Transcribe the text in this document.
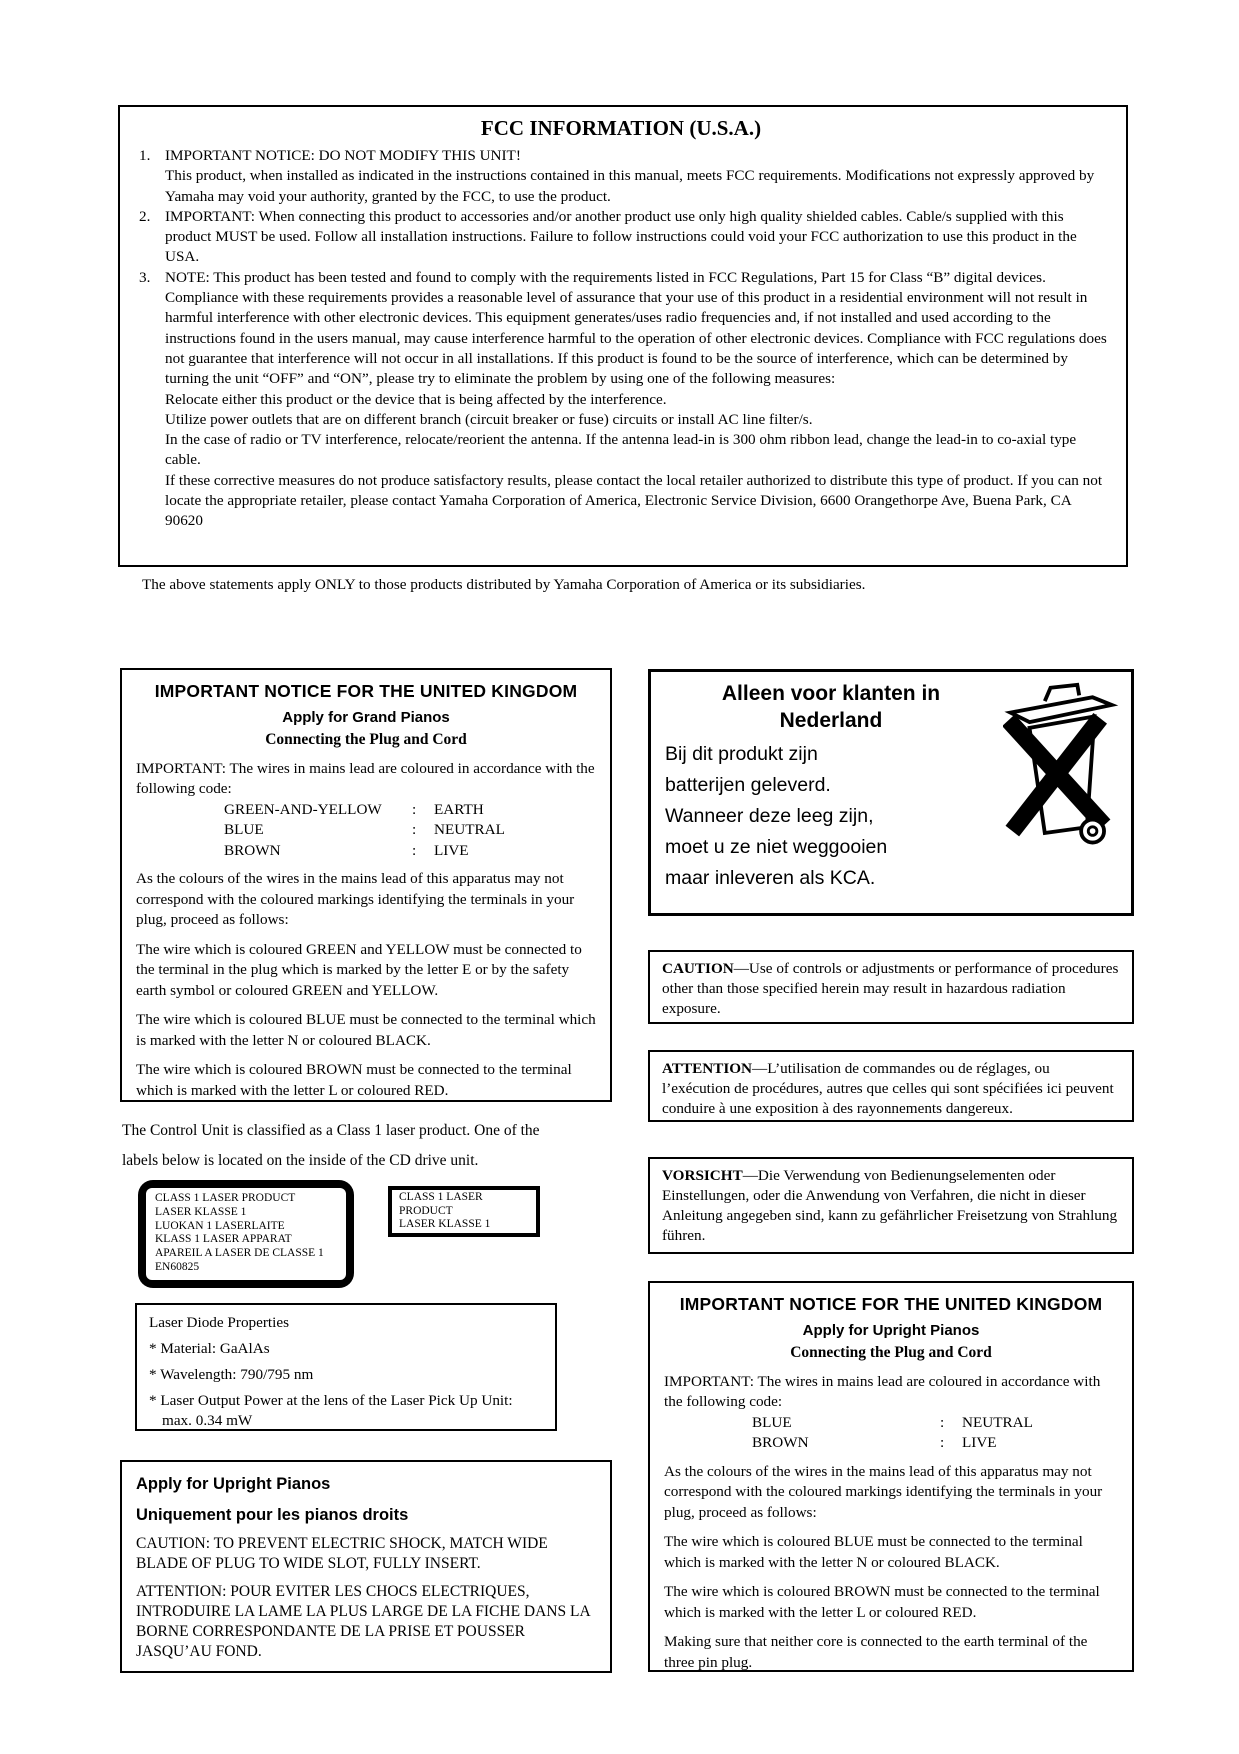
FCC INFORMATION (U.S.A.)
1. IMPORTANT NOTICE: DO NOT MODIFY THIS UNIT!
This product, when installed as indicated in the instructions contained in this manual, meets FCC requirements. Modifications not expressly approved by Yamaha may void your authority, granted by the FCC, to use the product.
2. IMPORTANT: When connecting this product to accessories and/or another product use only high quality shielded cables. Cable/s supplied with this product MUST be used. Follow all installation instructions. Failure to follow instructions could void your FCC authorization to use this product in the USA.
3. NOTE: This product has been tested and found to comply with the requirements listed in FCC Regulations, Part 15 for Class “B” digital devices. Compliance with these requirements provides a reasonable level of assurance that your use of this product in a residential environment will not result in harmful interference with other electronic devices. This equipment generates/uses radio frequencies and, if not installed and used according to the instructions found in the users manual, may cause interference harmful to the operation of other electronic devices. Compliance with FCC regulations does not guarantee that interference will not occur in all installations. If this product is found to be the source of interference, which can be determined by turning the unit “OFF” and “ON”, please try to eliminate the problem by using one of the following measures:
Relocate either this product or the device that is being affected by the interference.
Utilize power outlets that are on different branch (circuit breaker or fuse) circuits or install AC line filter/s.
In the case of radio or TV interference, relocate/reorient the antenna. If the antenna lead-in is 300 ohm ribbon lead, change the lead-in to co-axial type cable.
If these corrective measures do not produce satisfactory results, please contact the local retailer authorized to distribute this type of product. If you can not locate the appropriate retailer, please contact Yamaha Corporation of America, Electronic Service Division, 6600 Orangethorpe Ave, Buena Park, CA 90620
The above statements apply ONLY to those products distributed by Yamaha Corporation of America or its subsidiaries.
IMPORTANT NOTICE FOR THE UNITED KINGDOM
Apply for Grand Pianos
Connecting the Plug and Cord
IMPORTANT: The wires in mains lead are coloured in accordance with the following code:
GREEN-AND-YELLOW : EARTH
BLUE	: NEUTRAL
BROWN	: LIVE
As the colours of the wires in the mains lead of this apparatus may not correspond with the coloured markings identifying the terminals in your plug, proceed as follows:
The wire which is coloured GREEN and YELLOW must be connected to the terminal in the plug which is marked by the letter E or by the safety earth symbol or coloured GREEN and YELLOW.
The wire which is coloured BLUE must be connected to the terminal which is marked with the letter N or coloured BLACK.
The wire which is coloured BROWN must be connected to the terminal which is marked with the letter L or coloured RED.
The Control Unit is classified as a Class 1 laser product. One of the
labels below is located on the inside of the CD drive unit.
CLASS 1 LASER PRODUCT
LASER KLASSE 1
LUOKAN 1 LASERLAITE
KLASS 1 LASER APPARAT
APAREIL A LASER DE CLASSE 1
EN60825
CLASS 1 LASER PRODUCT
LASER KLASSE 1
Laser Diode Properties
* Material: GaAlAs
* Wavelength: 790/795 nm
* Laser Output Power at the lens of the Laser Pick Up Unit:
max. 0.34 mW
Apply for Upright Pianos
Uniquement pour les pianos droits
CAUTION: TO PREVENT ELECTRIC SHOCK, MATCH WIDE BLADE OF PLUG TO WIDE SLOT, FULLY INSERT.
ATTENTION: POUR EVITER LES CHOCS ELECTRIQUES, INTRODUIRE LA LAME LA PLUS LARGE DE LA FICHE DANS LA BORNE CORRESPONDANTE DE LA PRISE ET POUSSER JASQU’AU FOND.
Alleen voor klanten in
Nederland
Bij dit produkt zijn
batterijen geleverd.
Wanneer deze leeg zijn,
moet u ze niet weggooien
maar inleveren als KCA.
CAUTION—Use of controls or adjustments or performance of procedures other than those specified herein may result in hazardous radiation exposure.
ATTENTION—L’utilisation de commandes ou de réglages, ou l’exécution de procédures, autres que celles qui sont spécifiées ici peuvent conduire à une exposition à des rayonnements dangereux.
VORSICHT—Die Verwendung von Bedienungselementen oder Einstellungen, oder die Anwendung von Verfahren, die nicht in dieser Anleitung angegeben sind, kann zu gefährlicher Freisetzung von Strahlung führen.
IMPORTANT NOTICE FOR THE UNITED KINGDOM
Apply for Upright Pianos
Connecting the Plug and Cord
IMPORTANT: The wires in mains lead are coloured in accordance with the following code:
BLUE	: NEUTRAL
BROWN	: LIVE
As the colours of the wires in the mains lead of this apparatus may not correspond with the coloured markings identifying the terminals in your plug, proceed as follows:
The wire which is coloured BLUE must be connected to the terminal which is marked with the letter N or coloured BLACK.
The wire which is coloured BROWN must be connected to the terminal which is marked with the letter L or coloured RED.
Making sure that neither core is connected to the earth terminal of the three pin plug.
